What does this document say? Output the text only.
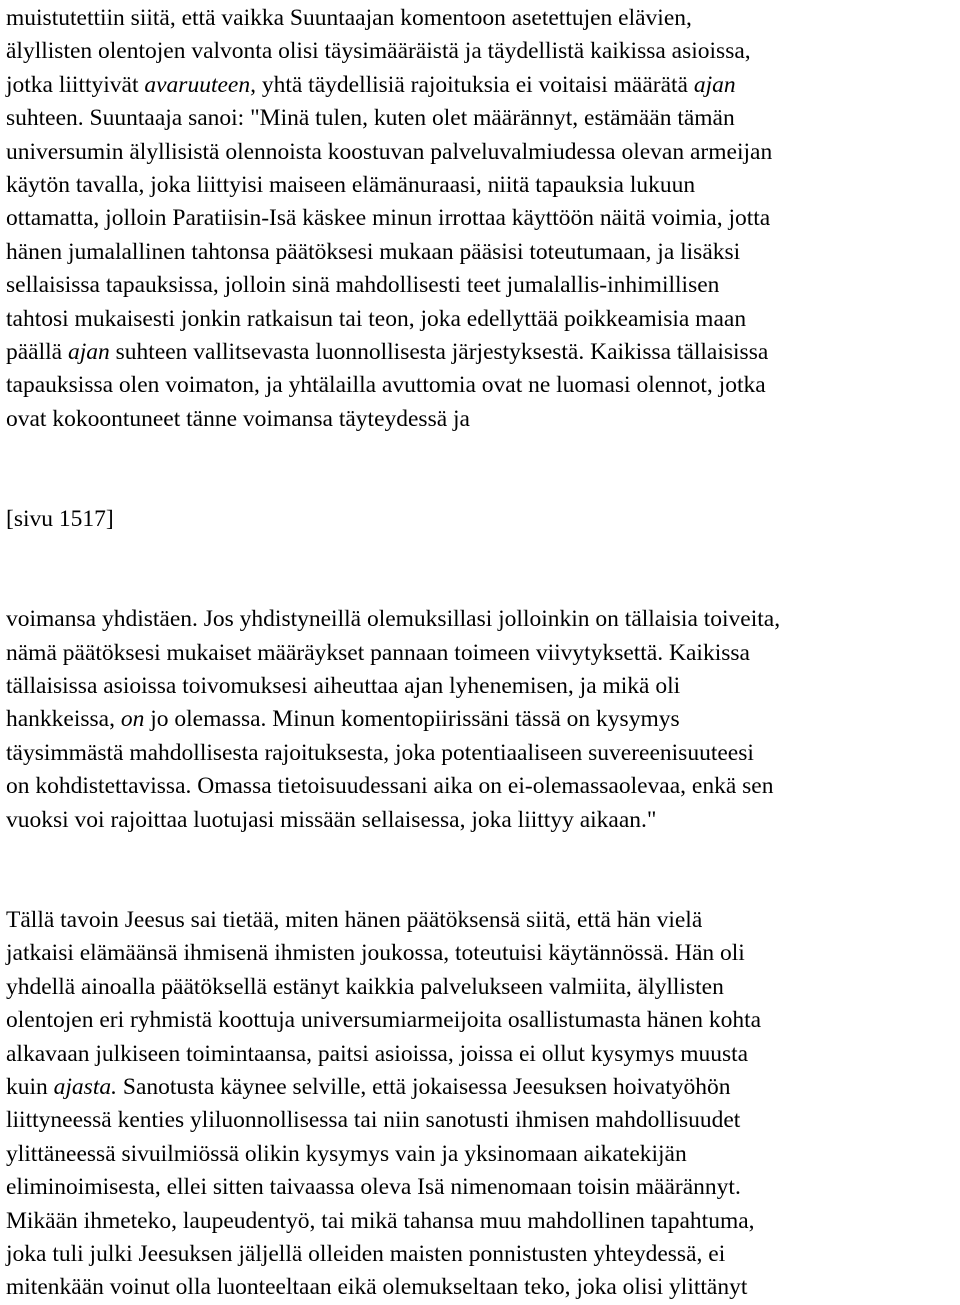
muistutettiin siitä, että vaikka Suuntaajan komentoon asetettujen elävien,
älyllisten olentojen valvonta olisi täysimääräistä ja täydellistä kaikissa asioissa,
jotka liittyivät avaruuteen, yhtä täydellisiä rajoituksia ei voitaisi määrätä ajan
suhteen. Suuntaaja sanoi: "Minä tulen, kuten olet määrännyt, estämään tämän
universumin älyllisistä olennoista koostuvan palveluvalmiudessa olevan armeijan
käytön tavalla, joka liittyisi maiseen elämänuraasi, niitä tapauksia lukuun
ottamatta, jolloin Paratiisin-Isä käskee minun irrottaa käyttöön näitä voimia, jotta
hänen jumalallinen tahtonsa päätöksesi mukaan pääsisi toteutumaan, ja lisäksi
sellaisissa tapauksissa, jolloin sinä mahdollisesti teet jumalallis-inhimillisen
tahtosi mukaisesti jonkin ratkaisun tai teon, joka edellyttää poikkeamisia maan
päällä ajan suhteen vallitsevasta luonnollisesta järjestyksestä. Kaikissa tällaisissa
tapauksissa olen voimaton, ja yhtälailla avuttomia ovat ne luomasi olennot, jotka
ovat kokoontuneet tänne voimansa täyteydessä ja
[sivu 1517]
voimansa yhdistäen. Jos yhdistyneillä olemuksillasi jolloinkin on tällaisia toiveita,
nämä päätöksesi mukaiset määräykset pannaan toimeen viivytyksettä. Kaikissa
tällaisissa asioissa toivomuksesi aiheuttaa ajan lyhenemisen, ja mikä oli
hankkeissa, on jo olemassa. Minun komentopiirissäni tässä on kysymys
täysimmästä mahdollisesta rajoituksesta, joka potentiaaliseen suvereenisuuteesi
on kohdistettavissa. Omassa tietoisuudessani aika on ei-olemassaolevaa, enkä sen
vuoksi voi rajoittaa luotujasi missään sellaisessa, joka liittyy aikaan."
Tällä tavoin Jeesus sai tietää, miten hänen päätöksensä siitä, että hän vielä
jatkaisi elämäänsä ihmisenä ihmisten joukossa, toteutuisi käytännössä. Hän oli
yhdellä ainoalla päätöksellä estänyt kaikkia palvelukseen valmiita, älyllisten
olentojen eri ryhmistä koottuja universumiarmeijoita osallistumasta hänen kohta
alkavaan julkiseen toimintaansa, paitsi asioissa, joissa ei ollut kysymys muusta
kuin ajasta. Sanotusta käynee selville, että jokaisessa Jeesuksen hoivatyöhön
liittyneessä kenties yliluonnollisessa tai niin sanotusti ihmisen mahdollisuudet
ylittäneessä sivuilmiössä olikin kysymys vain ja yksinomaan aikatekijän
eliminoimisesta, ellei sitten taivaassa oleva Isä nimenomaan toisin määrännyt.
Mikään ihmeteko, laupeudentyö, tai mikä tahansa muu mahdollinen tapahtuma,
joka tuli julki Jeesuksen jäljellä olleiden maisten ponnistusten yhteydessä, ei
mitenkään voinut olla luonteeltaan eikä olemukseltaan teko, joka olisi ylittänyt
